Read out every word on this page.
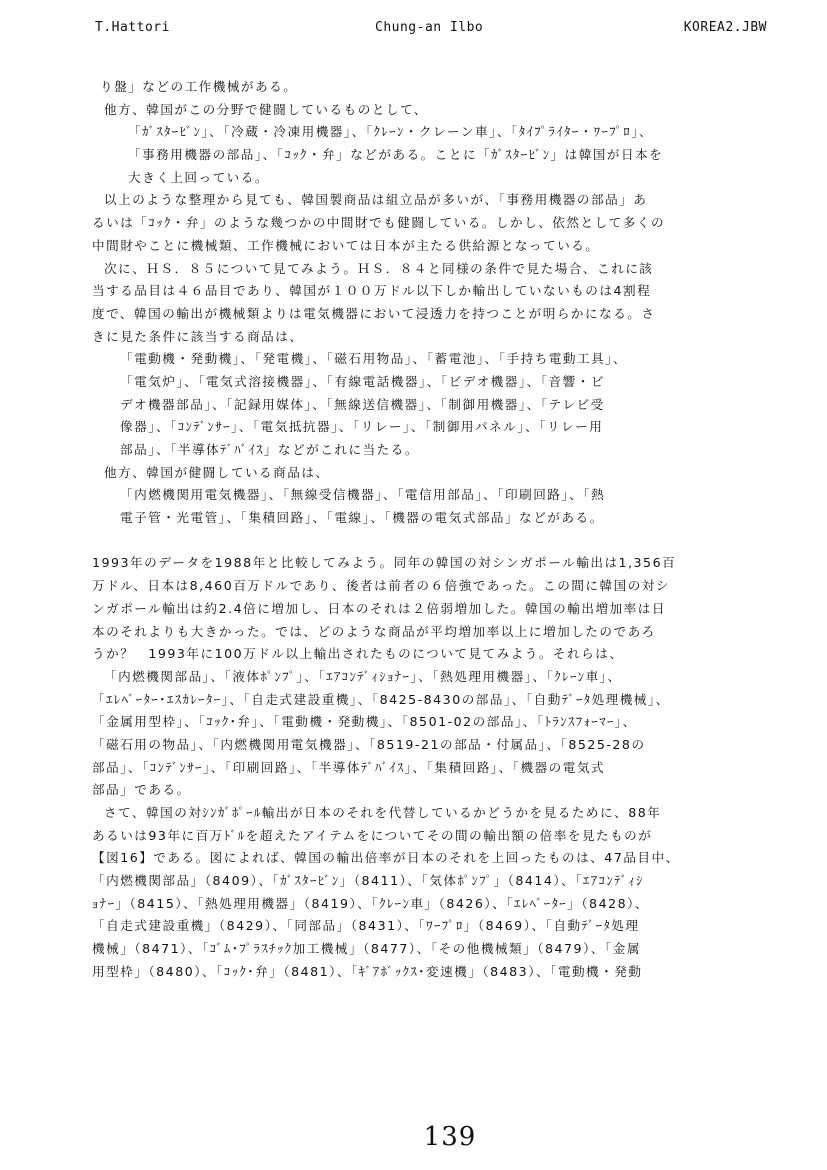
T.Hattori	Chung-an Ilbo	KOREA2.JBW
り盤」などの工作機械がある。
他方、韓国がこの分野で健闘しているものとして、
「ｶﾞｽﾀｰﾋﾞﾝ」、「冷蔵・冷凍用機器」、「ｸﾚｰﾝ・クレーン車」、「ﾀｲﾌﾟﾗｲﾀｰ・ﾜｰﾌﾟﾛ」、
「事務用機器の部品」、「ｺｯｸ・弁」などがある。ことに「ｶﾞｽﾀｰﾋﾞﾝ」は韓国が日本を
大きく上回っている。
以上のような整理から見ても、韓国製商品は組立品が多いが、「事務用機器の部品」あ
るいは「ｺｯｸ・弁」のような幾つかの中間財でも健闘している。しかし、依然として多くの
中間財やことに機械類、工作機械においては日本が主たる供給源となっている。
次に、ＨＳ．８５について見てみよう。ＨＳ．８４と同様の条件で見た場合、これに該
当する品目は４６品目であり、韓国が１００万ドル以下しか輸出していないものは4割程
度で、韓国の輸出が機械類よりは電気機器において浸透力を持つことが明らかになる。さ
きに見た条件に該当する商品は、
「電動機・発動機」、「発電機」、「磁石用物品」、「蓄電池」、「手持ち電動工具」、
「電気炉」、「電気式溶接機器」、「有線電話機器」、「ビデオ機器」、「音響・ビ
デオ機器部品」、「記録用媒体」、「無線送信機器」、「制御用機器」、「テレビ受
像器」、「ｺﾝﾃﾞﾝｻｰ」、「電気抵抗器」、「リレー」、「制御用パネル」、「リレー用
部品」、「半導体ﾃﾞﾊﾞｲｽ」などがこれに当たる。
他方、韓国が健闘している商品は、
「内燃機関用電気機器」、「無線受信機器」、「電信用部品」、「印刷回路」、「熱
電子管・光電管」、「集積回路」、「電線」、「機器の電気式部品」などがある。
1993年のデータを1988年と比較してみよう。同年の韓国の対シンガポール輸出は1,356百
万ドル、日本は8,460百万ドルであり、後者は前者の６倍強であった。この間に韓国の対シ
ンガポール輸出は約2.4倍に増加し、日本のそれは２倍弱増加した。韓国の輸出増加率は日
本のそれよりも大きかった。では、どのような商品が平均増加率以上に増加したのであろ
うか？　1993年に100万ドル以上輸出されたものについて見てみよう。それらは、
「内燃機関部品」、「液体ﾎﾟﾝﾌﾟ」、「ｴｱｺﾝﾃﾞｨｼｮﾅｰ」、「熱処理用機器」、「ｸﾚｰﾝ車」、
「ｴﾚﾍﾞｰﾀｰ･ｴｽｶﾚｰﾀｰ」、「自走式建設重機」、「8425-8430の部品」、「自動ﾃﾞｰﾀ処理機械」、
「金属用型枠」、「ｺｯｸ･弁」、「電動機・発動機」、「8501-02の部品」、「ﾄﾗﾝｽﾌｫｰﾏｰ」、
「磁石用の物品」、「内燃機関用電気機器」、「8519-21の部品・付属品」、「8525-28の
部品」、「ｺﾝﾃﾞﾝｻｰ」、「印刷回路」、「半導体ﾃﾞﾊﾞｲｽ」、「集積回路」、「機器の電気式
部品」である。
さて、韓国の対ｼﾝｶﾞﾎﾟｰﾙ輸出が日本のそれを代替しているかどうかを見るために、88年
あるいは93年に百万ﾄﾞﾙを超えたアイテムをについてその間の輸出額の倍率を見たものが
【図16】である。図によれば、韓国の輸出倍率が日本のそれを上回ったものは、47品目中、
「内燃機関部品」（8409）、「ｶﾞｽﾀｰﾋﾞﾝ」（8411）、「気体ﾎﾟﾝﾌﾟ」（8414）、「ｴｱｺﾝﾃﾞｨｼ
ｮﾅｰ」（8415）、「熱処理用機器」（8419）、「ｸﾚｰﾝ車」（8426）、「ｴﾚﾍﾞｰﾀｰ」（8428）、
「自走式建設重機」（8429）、「同部品」（8431）、「ﾜｰﾌﾟﾛ」（8469）、「自動ﾃﾞｰﾀ処理
機械」（8471）、「ｺﾞﾑ･ﾌﾟﾗｽﾁｯｸ加工機械」（8477）、「その他機械類」（8479）、「金属
用型枠」（8480）、「ｺｯｸ･弁」（8481）、「ｷﾞｱﾎﾞｯｸｽ･変速機」（8483）、「電動機・発動
139
